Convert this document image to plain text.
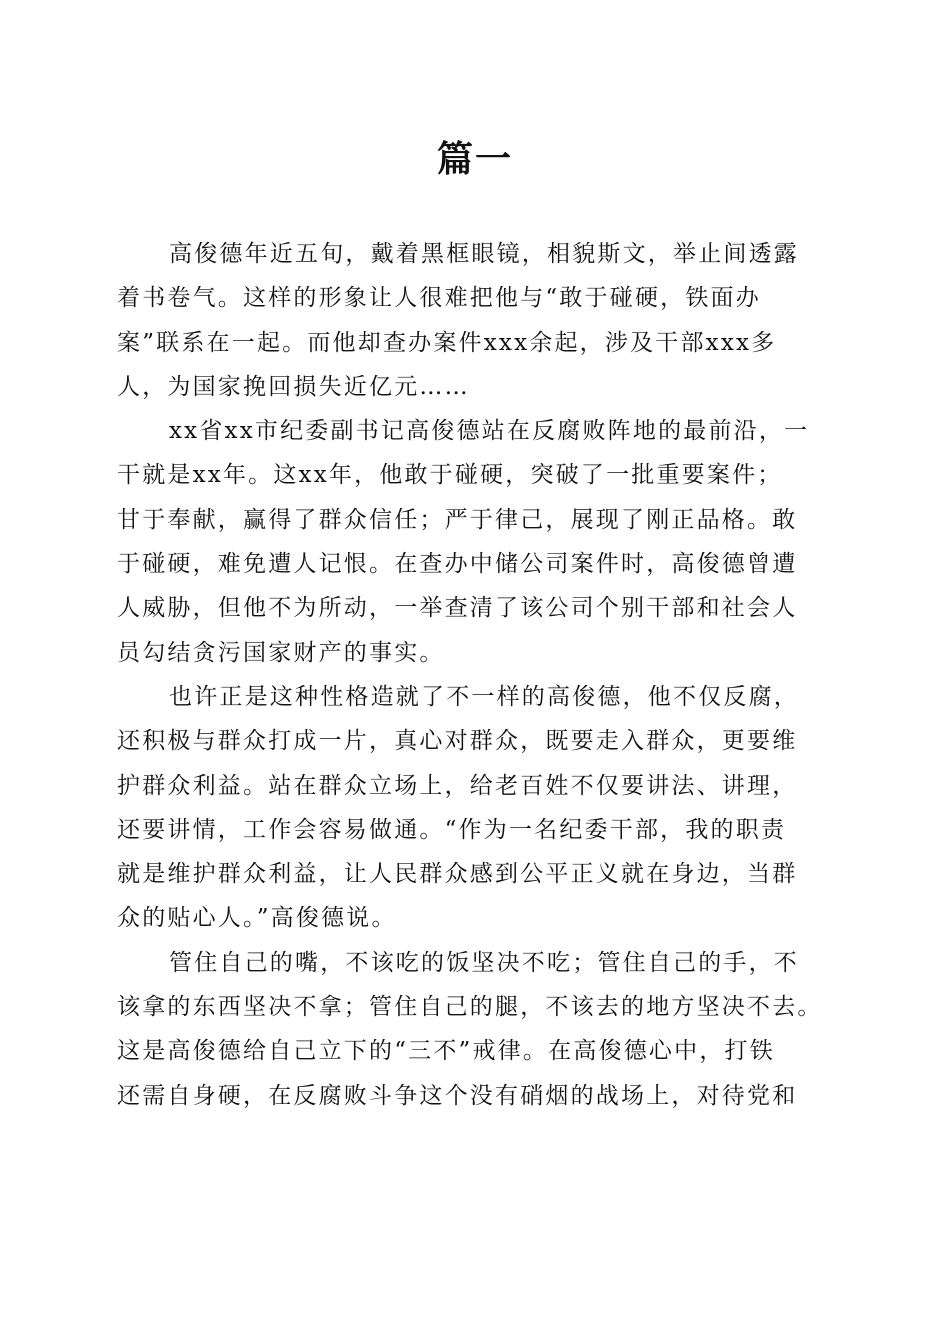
篇一
高俊德年近五旬，戴着黑框眼镜，相貌斯文，举止间透露
着书卷气。这样的形象让人很难把他与“敢于碰硬，铁面办
案”联系在一起。而他却查办案件xxx余起，涉及干部xxx多
人，为国家挽回损失近亿元……
xx省xx市纪委副书记高俊德站在反腐败阵地的最前沿，一
干就是xx年。这xx年，他敢于碰硬，突破了一批重要案件；
甘于奉献，赢得了群众信任；严于律己，展现了刚正品格。敢
于碰硬，难免遭人记恨。在查办中储公司案件时，高俊德曾遭
人威胁，但他不为所动，一举查清了该公司个别干部和社会人
员勾结贪污国家财产的事实。
也许正是这种性格造就了不一样的高俊德，他不仅反腐，
还积极与群众打成一片，真心对群众，既要走入群众，更要维
护群众利益。站在群众立场上，给老百姓不仅要讲法、讲理，
还要讲情，工作会容易做通。“作为一名纪委干部，我的职责
就是维护群众利益，让人民群众感到公平正义就在身边，当群
众的贴心人。”高俊德说。
管住自己的嘴，不该吃的饭坚决不吃；管住自己的手，不
该拿的东西坚决不拿；管住自己的腿，不该去的地方坚决不去。
这是高俊德给自己立下的“三不”戒律。在高俊德心中，打铁
还需自身硬，在反腐败斗争这个没有硝烟的战场上，对待党和
